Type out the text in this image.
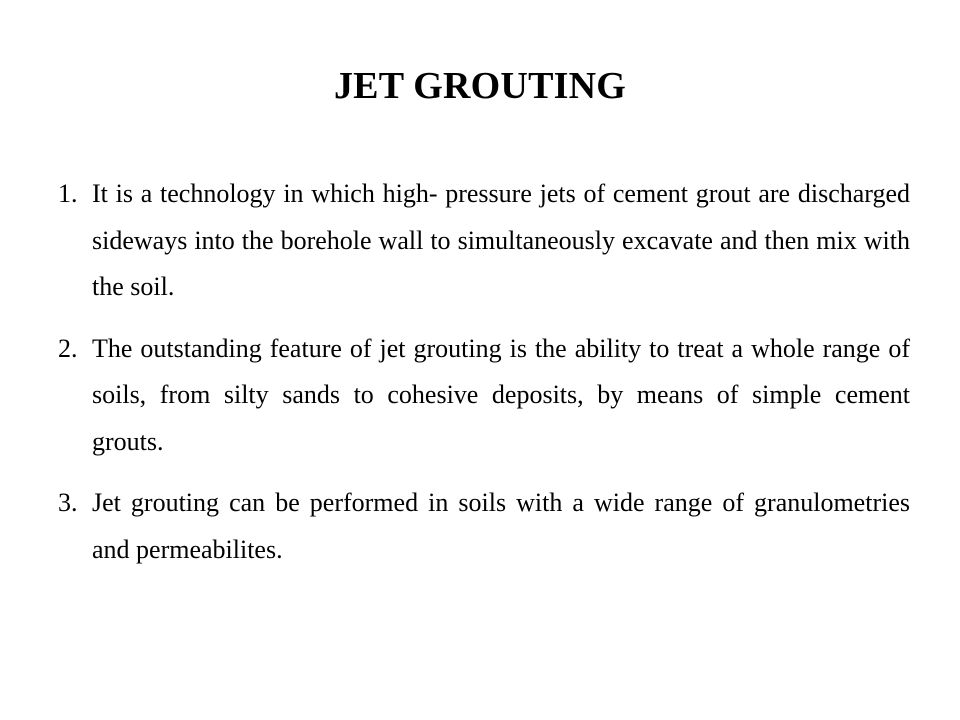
JET GROUTING
1. It is a technology in which high- pressure jets of cement grout are discharged sideways into the borehole wall to simultaneously excavate and then mix with the soil.
2. The outstanding feature of jet grouting is the ability to treat a whole range of soils, from silty sands to cohesive deposits, by means of simple cement grouts.
3. Jet grouting can be performed in soils with a wide range of granulometries and permeabilites.
